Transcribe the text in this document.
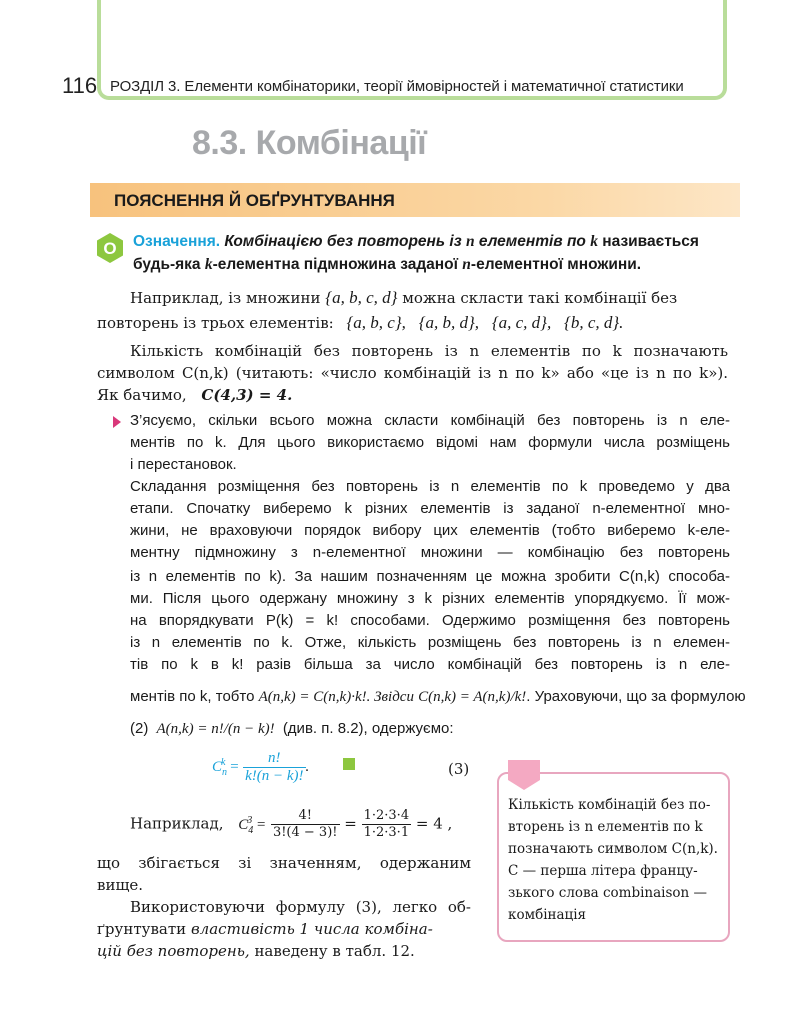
116 РОЗДІЛ 3. Елементи комбінаторики, теорії ймовірностей і математичної статистики
8.3. Комбінації
ПОЯСНЕННЯ Й ОБҐРУНТУВАННЯ
O Означення. Комбінацією без повторень із n елементів по k називається
будь-яка k-елементна підмножина заданої n-елементної множини.
Наприклад, із множини {a, b, c, d} можна скласти такі комбінації без
повторень із трьох елементів: {a, b, c}, {a, b, d}, {a, c, d}, {b, c, d}.
Кількість комбінацій без повторень із n елементів по k позначають
символом C(n,k) (читають: «число комбінацій із n по k» або «це із n по k»).
Як бачимо, C(4,3) = 4.
З’ясуємо, скільки всього можна скласти комбінацій без повторень із n еле-
ментів по k. Для цього використаємо відомі нам формули числа розміщень
і перестановок.
Складання розміщення без повторень із n елементів по k проведемо у два
етапи. Спочатку виберемо k різних елементів із заданої n-елементної мно-
жини, не враховуючи порядок вибору цих елементів (тобто виберемо k-еле-
ментну підмножину з n-елементної множини — комбінацію без повторень
із n елементів по k). За нашим позначенням це можна зробити C(n,k) способа-
ми. Після цього одержану множину з k різних елементів упорядкуємо. Її мож-
на впорядкувати P(k) = k! способами. Одержимо розміщення без повторень
із n елементів по k. Отже, кількість розміщень без повторень із n елемен-
тів по k в k! разів більша за число комбінацій без повторень із n еле-
ментів по k, тобто A(n,k) = C(n,k)·k!. Звідси C(n,k) = A(n,k)/k!. Ураховуючи, що за формулою
(2) A(n,k) = n!/(n − k)! (див. п. 8.2), одержуємо:
$C_n^k = \frac{n!}{k!(n - k)!}$ .	(3)
Наприклад, $C_4^3 = \frac{4!}{3!(4 - 3)!} = \frac{1\cdot 2\cdot 3\cdot 4}{1\cdot 2\cdot 3\cdot 1} = 4$ ,
що збігається зі значенням, одержаним
вище.
Використовуючи формулу (3), легко об-
ґрунтувати властивість 1 числа комбіна-
цій без повторень, наведену в табл. 12.
Кількість комбінацій без по-
вторень із n елементів по k
позначають символом C(n,k).
C — перша літера францу-
зького слова combinaison —
комбінація
